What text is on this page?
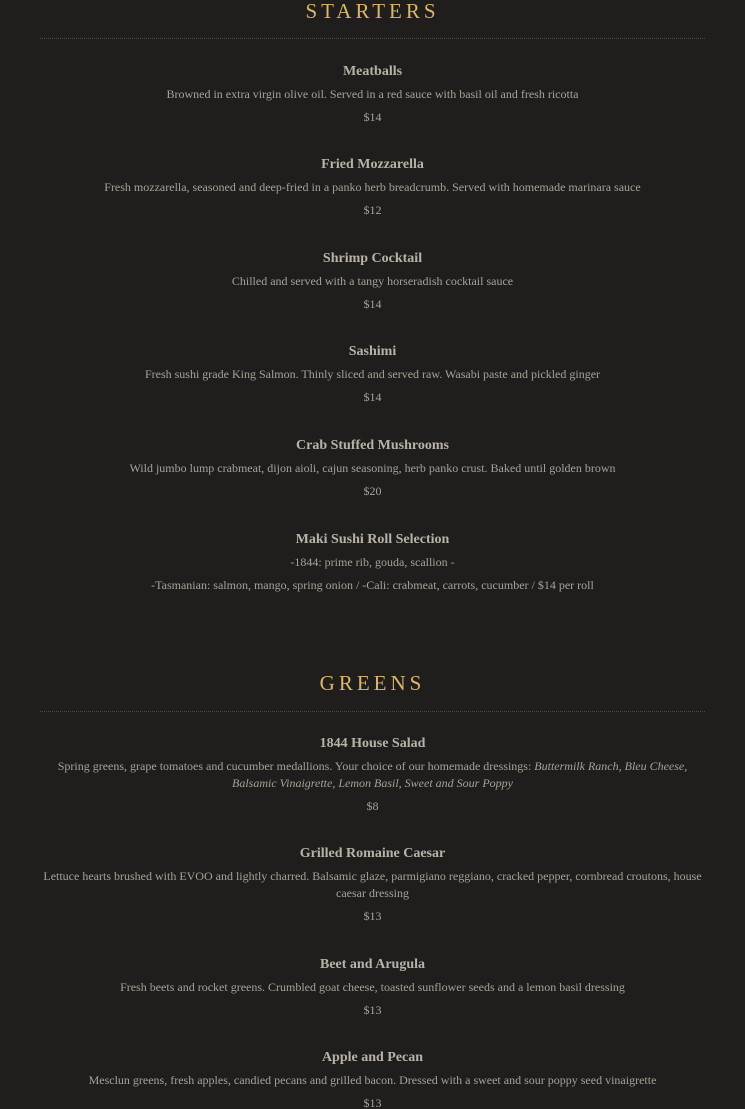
STARTERS

Meatballs

Browned in extra virgin olive oil. Served in a red sauce with basil oil and fresh ricotta

$14

Fried Mozzarella

Fresh mozzarella, seasoned and deep-fried in a panko herb breadcrumb. Served with homemade marinara sauce

$12

Shrimp Cocktail

Chilled and served with a tangy horseradish cocktail sauce

$14

Sashimi

Fresh sushi grade King Salmon. Thinly sliced and served raw. Wasabi paste and pickled ginger

$14

Crab Stuffed Mushrooms

Wild jumbo lump crabmeat, dijon aioli, cajun seasoning, herb panko crust. Baked until golden brown

$20

Maki Sushi Roll Selection

-1844: prime rib, gouda, scallion -

-Tasmanian: salmon, mango, spring onion / -Cali: crabmeat, carrots, cucumber / $14 per roll

GREENS

1844 House Salad

Spring greens, grape tomatoes and cucumber medallions. Your choice of our homemade dressings: Buttermilk Ranch, Bleu Cheese, Balsamic Vinaigrette, Lemon Basil, Sweet and Sour Poppy

$8

Grilled Romaine Caesar

Lettuce hearts brushed with EVOO and lightly charred. Balsamic glaze, parmigiano reggiano, cracked pepper, cornbread croutons, house caesar dressing

$13

Beet and Arugula

Fresh beets and rocket greens. Crumbled goat cheese, toasted sunflower seeds and a lemon basil dressing

$13

Apple and Pecan

Mesclun greens, fresh apples, candied pecans and grilled bacon. Dressed with a sweet and sour poppy seed vinaigrette

$13
